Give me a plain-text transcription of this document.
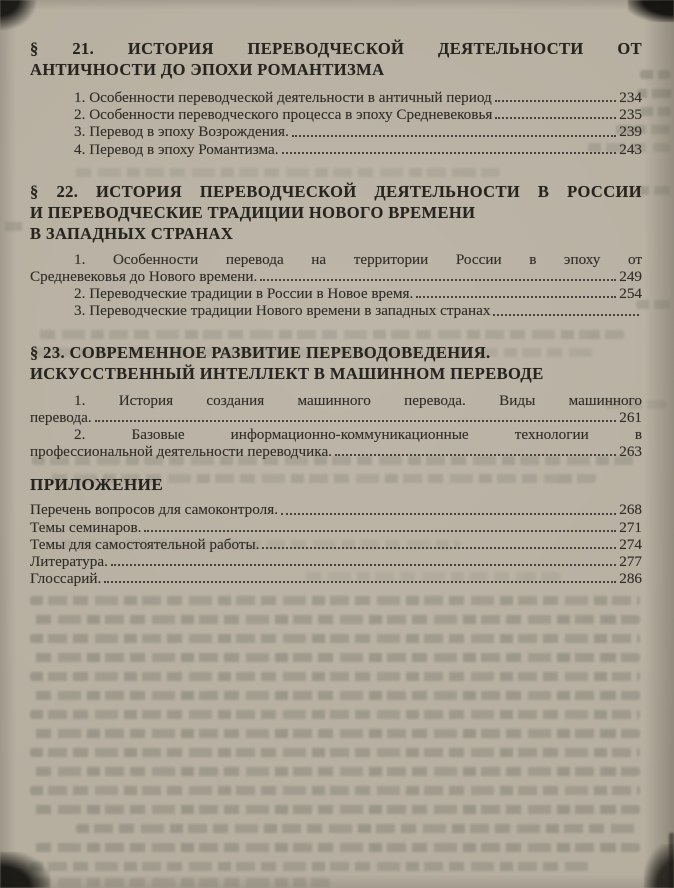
§ 21. ИСТОРИЯ ПЕРЕВОДЧЕСКОЙ ДЕЯТЕЛЬНОСТИ ОТ
АНТИЧНОСТИ ДО ЭПОХИ РОМАНТИЗМА
1. Особенности переводческой деятельности в античный период	234
2. Особенности переводческого процесса в эпоху Средневековья	235
3. Перевод в эпоху Возрождения.	239
4. Перевод в эпоху Романтизма.	243
§ 22. ИСТОРИЯ ПЕРЕВОДЧЕСКОЙ ДЕЯТЕЛЬНОСТИ В РОССИИ
И ПЕРЕВОДЧЕСКИЕ ТРАДИЦИИ НОВОГО ВРЕМЕНИ
В ЗАПАДНЫХ СТРАНАХ
1. Особенности перевода на территории России в эпоху от
Средневековья до Нового времени.	249
2. Переводческие традиции в России в Новое время.	254
3. Переводческие традиции Нового времени в западных странах
§ 23. СОВРЕМЕННОЕ РАЗВИТИЕ ПЕРЕВОДОВЕДЕНИЯ.
ИСКУССТВЕННЫЙ ИНТЕЛЛЕКТ В МАШИННОМ ПЕРЕВОДЕ
1. История создания машинного перевода. Виды машинного
перевода.	261
2. Базовые информационно-коммуникационные технологии в
профессиональной деятельности переводчика.	263
ПРИЛОЖЕНИЕ
Перечень вопросов для самоконтроля.	268
Темы семинаров.	271
Темы для самостоятельной работы.	274
Литература.	277
Глоссарий.	286
